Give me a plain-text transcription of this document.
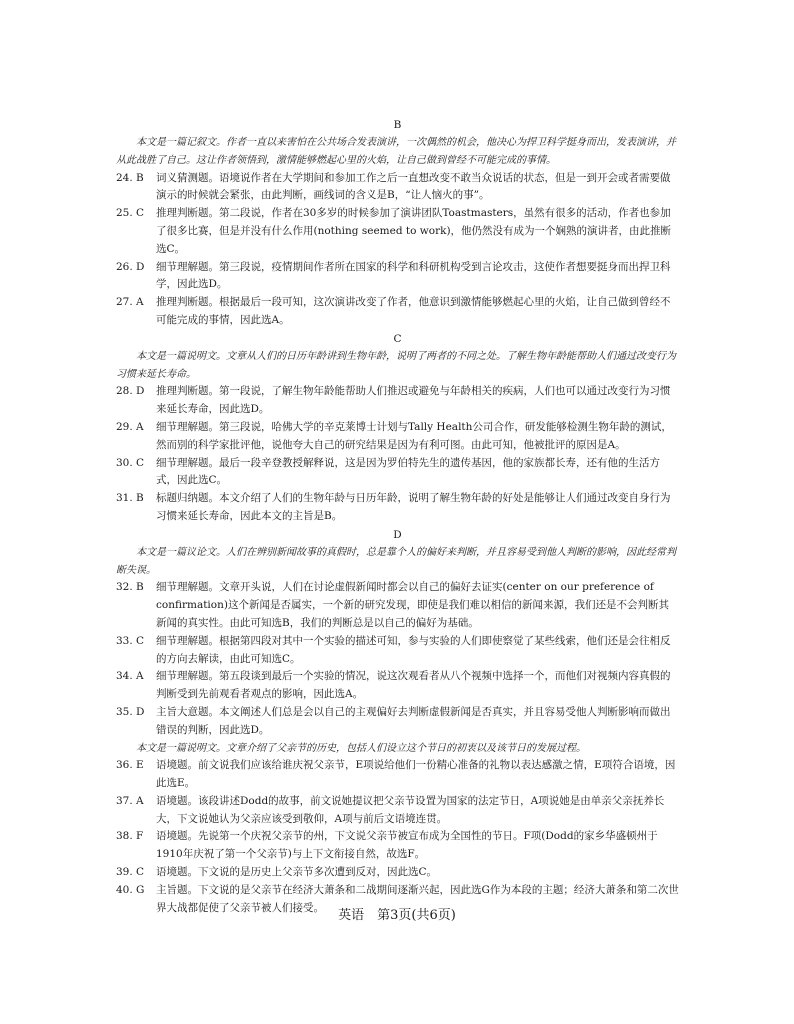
B

本文是一篇记叙文。作者一直以来害怕在公共场合发表演讲，一次偶然的机会，他决心为捍卫科学挺身而出，发表演讲，并从此战胜了自己。这让作者领悟到，激情能够燃起心里的火焰，让自己做到曾经不可能完成的事情。

24. B	词义猜测题。语境说作者在大学期间和参加工作之后一直想改变不敢当众说话的状态，但是一到开会或者需要做演示的时候就会紧张，由此判断，画线词的含义是B，“让人恼火的事”。
25. C	推理判断题。第二段说，作者在30多岁的时候参加了演讲团队Toastmasters，虽然有很多的活动，作者也参加了很多比赛，但是并没有什么作用(nothing seemed to work)，他仍然没有成为一个娴熟的演讲者，由此推断选C。
26. D	细节理解题。第三段说，疫情期间作者所在国家的科学和科研机构受到言论攻击，这使作者想要挺身而出捍卫科学，因此选D。
27. A	推理判断题。根据最后一段可知，这次演讲改变了作者，他意识到激情能够燃起心里的火焰，让自己做到曾经不可能完成的事情，因此选A。

C

本文是一篇说明文。文章从人们的日历年龄讲到生物年龄，说明了两者的不同之处。了解生物年龄能帮助人们通过改变行为习惯来延长寿命。

28. D	推理判断题。第一段说，了解生物年龄能帮助人们推迟或避免与年龄相关的疾病，人们也可以通过改变行为习惯来延长寿命，因此选D。
29. A	细节理解题。第三段说，哈佛大学的辛克莱博士计划与Tally Health公司合作，研发能够检测生物年龄的测试，然而别的科学家批评他，说他夸大自己的研究结果是因为有利可图。由此可知，他被批评的原因是A。
30. C	细节理解题。最后一段辛登教授解释说，这是因为罗伯特先生的遗传基因，他的家族都长寿，还有他的生活方式，因此选C。
31. B	标题归纳题。本文介绍了人们的生物年龄与日历年龄，说明了解生物年龄的好处是能够让人们通过改变自身行为习惯来延长寿命，因此本文的主旨是B。

D

本文是一篇议论文。人们在辨别新闻故事的真假时，总是靠个人的偏好来判断，并且容易受到他人判断的影响，因此经常判断失误。

32. B	细节理解题。文章开头说，人们在讨论虚假新闻时都会以自己的偏好去证实(center on our preference of confirmation)这个新闻是否属实，一个新的研究发现，即使是我们难以相信的新闻来源，我们还是不会判断其新闻的真实性。由此可知选B，我们的判断总是以自己的偏好为基础。
33. C	细节理解题。根据第四段对其中一个实验的描述可知，参与实验的人们即使察觉了某些线索，他们还是会往相反的方向去解读，由此可知选C。
34. A	细节理解题。第五段谈到最后一个实验的情况，说这次观看者从八个视频中选择一个，而他们对视频内容真假的判断受到先前观看者观点的影响，因此选A。
35. D	主旨大意题。本文阐述人们总是会以自己的主观偏好去判断虚假新闻是否真实，并且容易受他人判断影响而做出错误的判断，因此选D。

本文是一篇说明文。文章介绍了父亲节的历史，包括人们设立这个节日的初衷以及该节日的发展过程。

36. E	语境题。前文说我们应该给谁庆祝父亲节，E项说给他们一份精心准备的礼物以表达感激之情，E项符合语境，因此选E。
37. A	语境题。该段讲述Dodd的故事，前文说她提议把父亲节设置为国家的法定节日，A项说她是由单亲父亲抚养长大，下文说她认为父亲应该受到敬仰，A项与前后文语境连贯。
38. F	语境题。先说第一个庆祝父亲节的州，下文说父亲节被宣布成为全国性的节日。F项(Dodd的家乡华盛顿州于1910年庆祝了第一个父亲节)与上下文衔接自然，故选F。
39. C	语境题。下文说的是历史上父亲节多次遭到反对，因此选C。
40. G	主旨题。下文说的是父亲节在经济大萧条和二战期间逐渐兴起，因此选G作为本段的主题；经济大萧条和第二次世界大战都促使了父亲节被人们接受。
英语　第3页(共6页)
